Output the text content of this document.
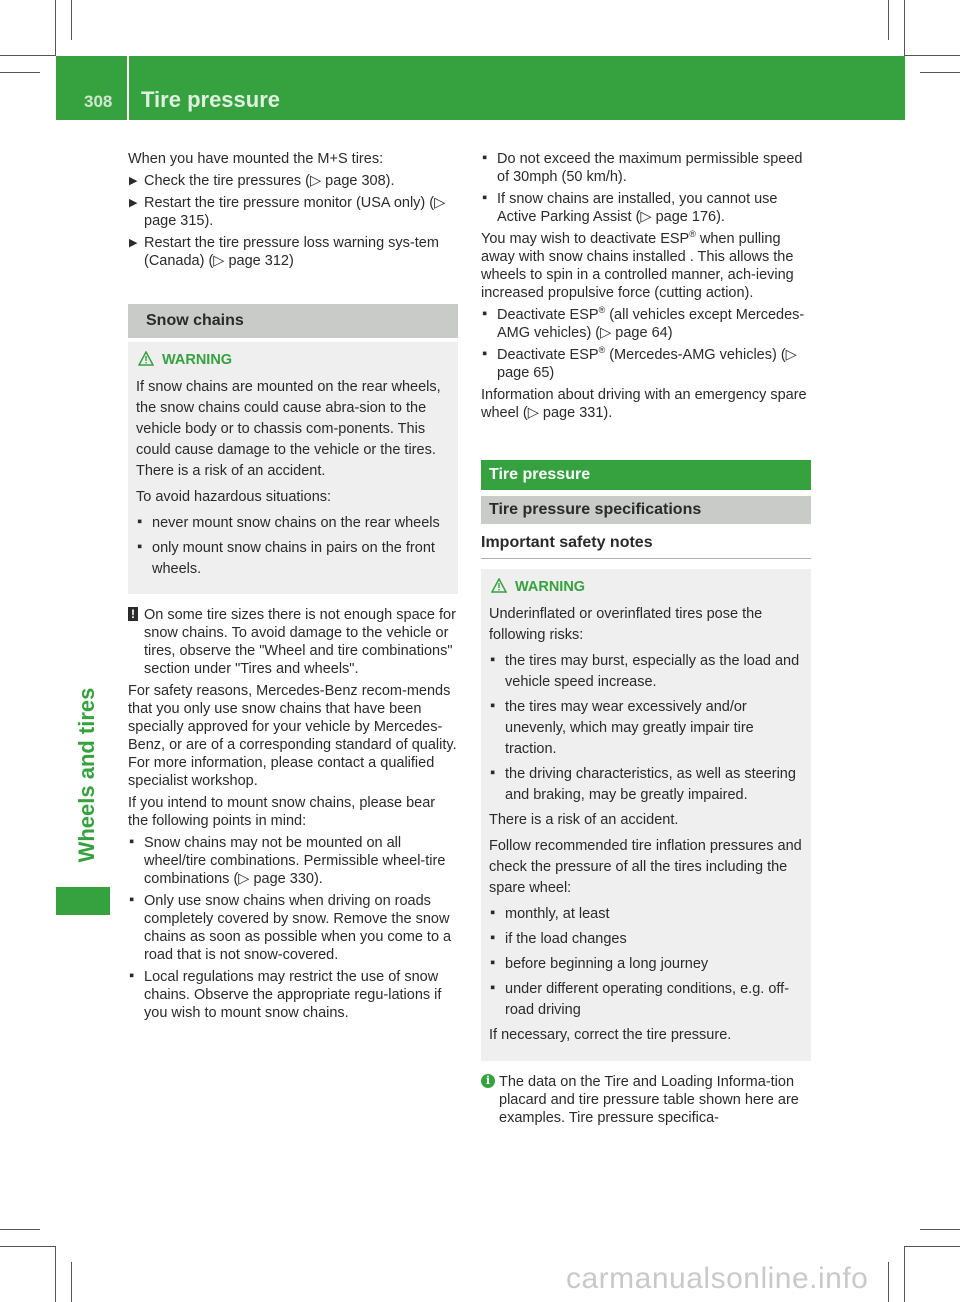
308 Tire pressure
Wheels and tires
When you have mounted the M+S tires:
▶ Check the tire pressures (▷ page 308).
▶ Restart the tire pressure monitor (USA only) (▷ page 315).
▶ Restart the tire pressure loss warning sys-tem (Canada) (▷ page 312)
Snow chains
WARNING
If snow chains are mounted on the rear wheels, the snow chains could cause abra-sion to the vehicle body or to chassis com-ponents. This could cause damage to the vehicle or the tires. There is a risk of an accident.
To avoid hazardous situations:
▪ never mount snow chains on the rear wheels
▪ only mount snow chains in pairs on the front wheels.
! On some tire sizes there is not enough space for snow chains. To avoid damage to the vehicle or tires, observe the "Wheel and tire combinations" section under "Tires and wheels".
For safety reasons, Mercedes-Benz recom-mends that you only use snow chains that have been specially approved for your vehicle by Mercedes-Benz, or are of a corresponding standard of quality. For more information, please contact a qualified specialist workshop.
If you intend to mount snow chains, please bear the following points in mind:
▪ Snow chains may not be mounted on all wheel/tire combinations. Permissible wheel-tire combinations (▷ page 330).
▪ Only use snow chains when driving on roads completely covered by snow. Remove the snow chains as soon as possible when you come to a road that is not snow-covered.
▪ Local regulations may restrict the use of snow chains. Observe the appropriate regu-lations if you wish to mount snow chains.
▪ Do not exceed the maximum permissible speed of 30mph (50 km/h).
▪ If snow chains are installed, you cannot use Active Parking Assist (▷ page 176).
You may wish to deactivate ESP® when pulling away with snow chains installed . This allows the wheels to spin in a controlled manner, ach-ieving increased propulsive force (cutting action).
▪ Deactivate ESP® (all vehicles except Mercedes-AMG vehicles) (▷ page 64)
▪ Deactivate ESP® (Mercedes-AMG vehicles) (▷ page 65)
Information about driving with an emergency spare wheel (▷ page 331).
Tire pressure
Tire pressure specifications
Important safety notes
WARNING
Underinflated or overinflated tires pose the following risks:
▪ the tires may burst, especially as the load and vehicle speed increase.
▪ the tires may wear excessively and/or unevenly, which may greatly impair tire traction.
▪ the driving characteristics, as well as steering and braking, may be greatly impaired.
There is a risk of an accident.
Follow recommended tire inflation pressures and check the pressure of all the tires including the spare wheel:
▪ monthly, at least
▪ if the load changes
▪ before beginning a long journey
▪ under different operating conditions, e.g. off-road driving
If necessary, correct the tire pressure.
i The data on the Tire and Loading Informa-tion placard and tire pressure table shown here are examples. Tire pressure specifica-
carmanualsonline.info
